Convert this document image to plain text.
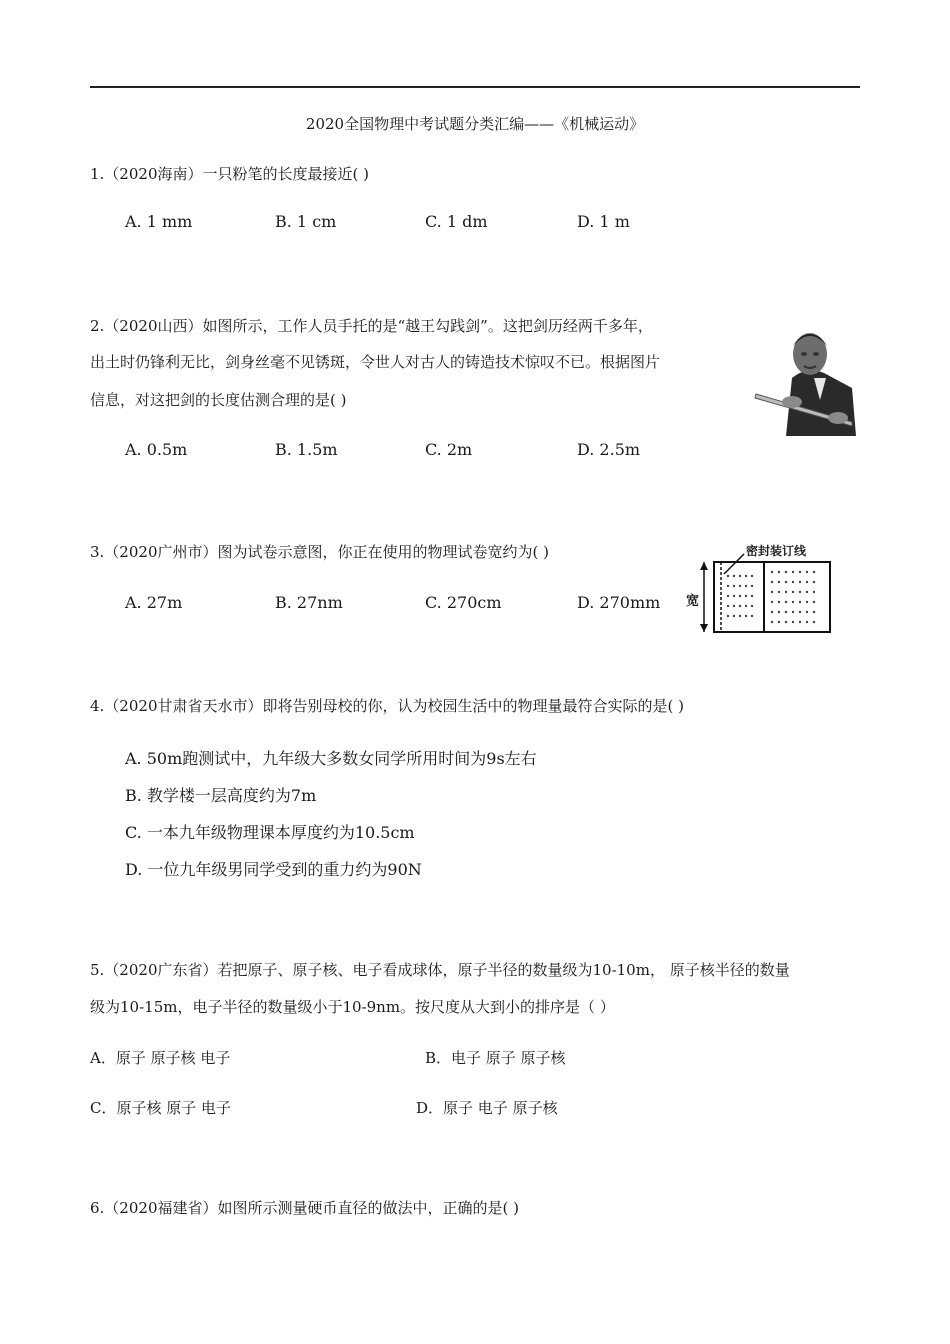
2020全国物理中考试题分类汇编——《机械运动》
1.（2020海南）一只粉笔的长度最接近( )
A. 1 mm	B. 1 cm	C. 1 dm	D. 1 m
2.（2020山西）如图所示，工作人员手托的是“越王勾践剑”。这把剑历经两千多年，
出土时仍锋利无比，剑身丝毫不见锈斑，令世人对古人的铸造技术惊叹不已。根据图片
信息，对这把剑的长度估测合理的是( )
A. 0.5m	B. 1.5m	C. 2m	D. 2.5m
3.（2020广州市）图为试卷示意图，你正在使用的物理试卷宽约为( )
A. 27m	B. 27nm	C. 270cm	D. 270mm
密封装订线
宽
4.（2020甘肃省天水市）即将告别母校的你，认为校园生活中的物理量最符合实际的是( )
A. 50m跑测试中，九年级大多数女同学所用时间为9s左右
B. 教学楼一层高度约为7m
C. 一本九年级物理课本厚度约为10.5cm
D. 一位九年级男同学受到的重力约为90N
5.（2020广东省）若把原子、原子核、电子看成球体，原子半径的数量级为10-10m， 原子核半径的数量
级为10-15m，电子半径的数量级小于10-9nm。按尺度从大到小的排序是（ ）
A．原子 原子核 电子	B．电子 原子 原子核
C．原子核 原子 电子	D．原子 电子 原子核
6.（2020福建省）如图所示测量硬币直径的做法中，正确的是( )
